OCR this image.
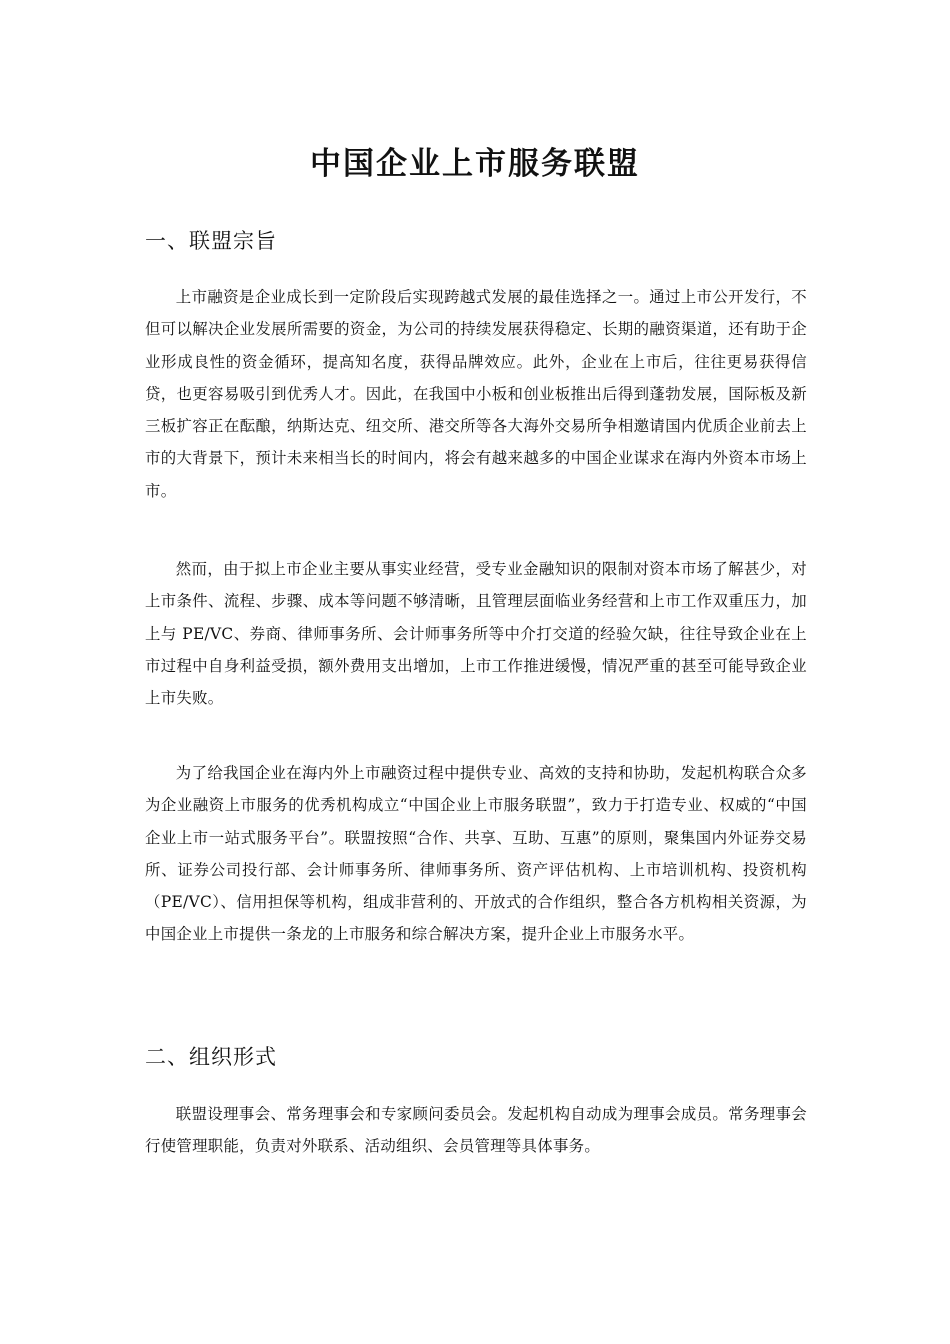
中国企业上市服务联盟
一、联盟宗旨

上市融资是企业成长到一定阶段后实现跨越式发展的最佳选择之一。通过上市公开发行，不但可以解决企业发展所需要的资金，为公司的持续发展获得稳定、长期的融资渠道，还有助于企业形成良性的资金循环，提高知名度，获得品牌效应。此外，企业在上市后，往往更易获得信贷，也更容易吸引到优秀人才。因此，在我国中小板和创业板推出后得到蓬勃发展，国际板及新三板扩容正在酝酿，纳斯达克、纽交所、港交所等各大海外交易所争相邀请国内优质企业前去上市的大背景下，预计未来相当长的时间内，将会有越来越多的中国企业谋求在海内外资本市场上市。

然而，由于拟上市企业主要从事实业经营，受专业金融知识的限制对资本市场了解甚少，对上市条件、流程、步骤、成本等问题不够清晰，且管理层面临业务经营和上市工作双重压力，加上与 PE/VC、券商、律师事务所、会计师事务所等中介打交道的经验欠缺，往往导致企业在上市过程中自身利益受损，额外费用支出增加，上市工作推进缓慢，情况严重的甚至可能导致企业上市失败。

为了给我国企业在海内外上市融资过程中提供专业、高效的支持和协助，发起机构联合众多为企业融资上市服务的优秀机构成立“中国企业上市服务联盟”，致力于打造专业、权威的“中国企业上市一站式服务平台”。联盟按照“合作、共享、互助、互惠”的原则，聚集国内外证券交易所、证券公司投行部、会计师事务所、律师事务所、资产评估机构、上市培训机构、投资机构（PE/VC）、信用担保等机构，组成非营利的、开放式的合作组织，整合各方机构相关资源，为中国企业上市提供一条龙的上市服务和综合解决方案，提升企业上市服务水平。

二、组织形式

联盟设理事会、常务理事会和专家顾问委员会。发起机构自动成为理事会成员。常务理事会行使管理职能，负责对外联系、活动组织、会员管理等具体事务。
